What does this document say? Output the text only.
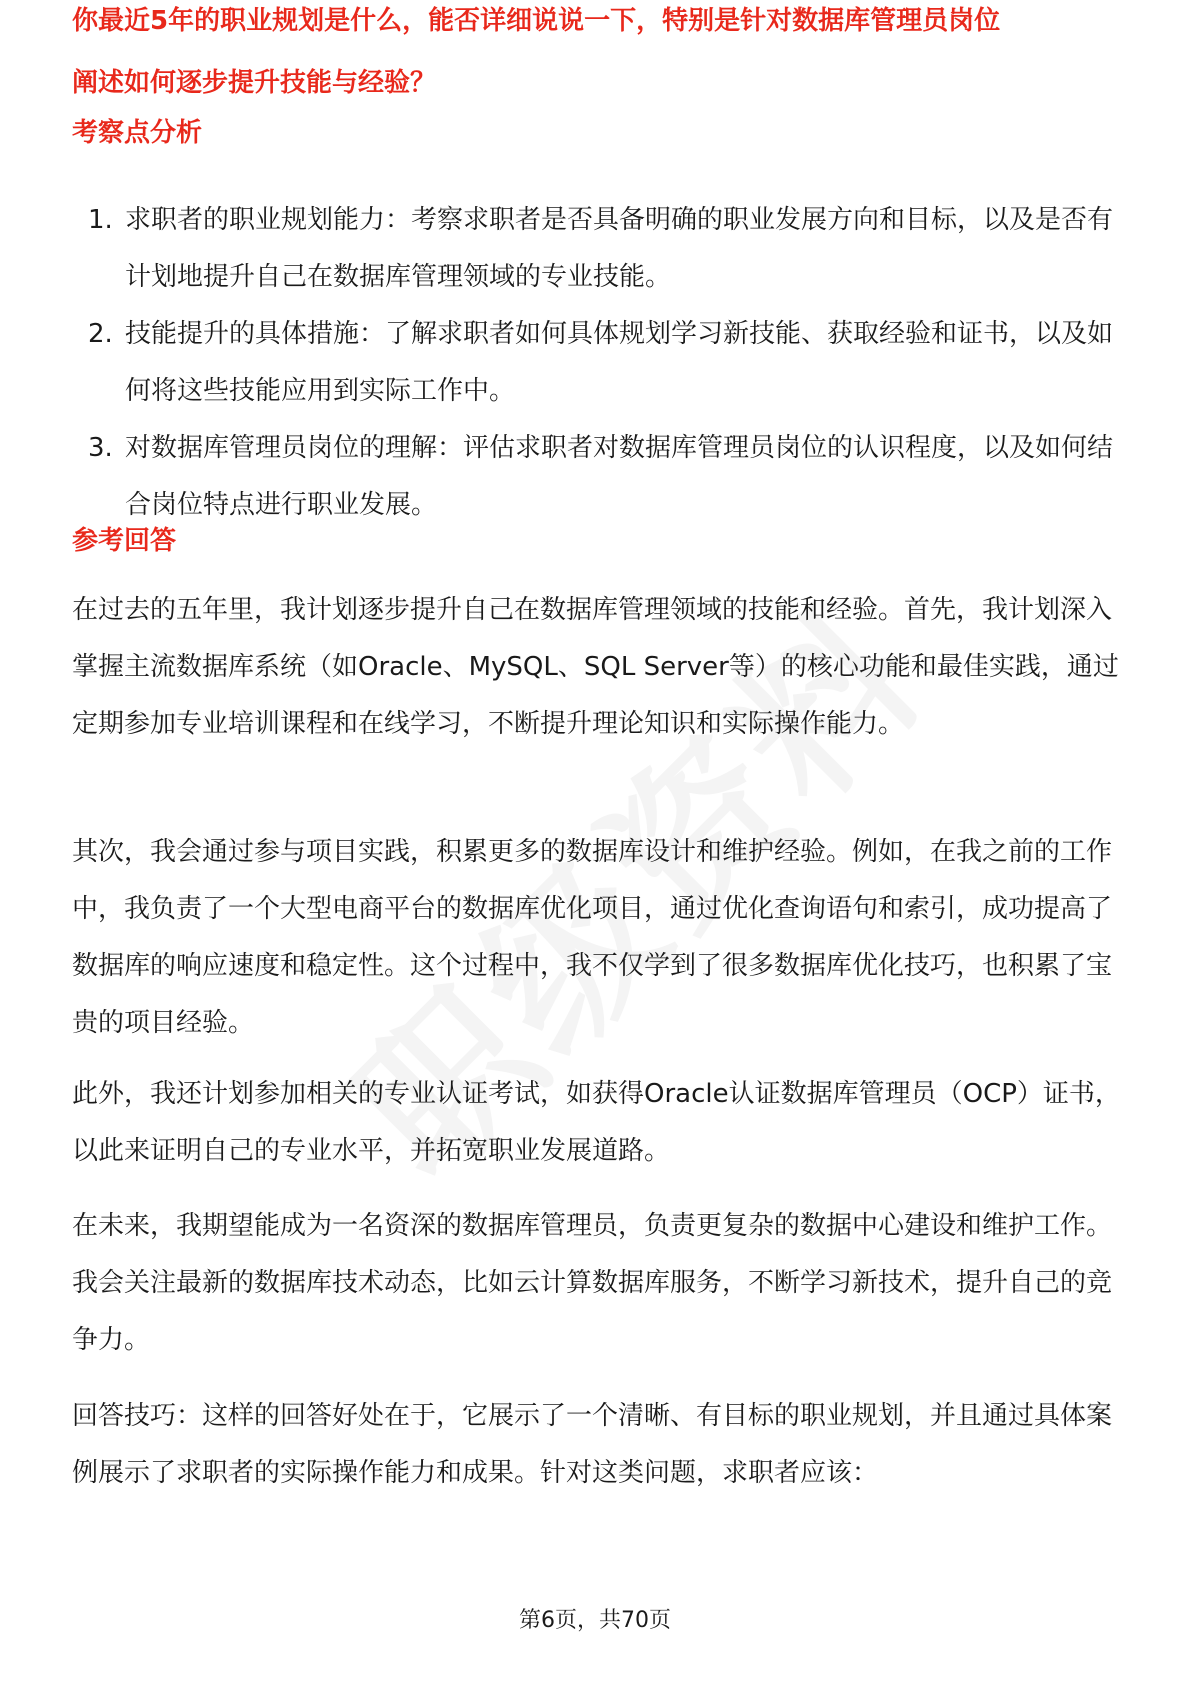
你最近5年的职业规划是什么，能否详细说说一下，特别是针对数据库管理员岗位
阐述如何逐步提升技能与经验？
考察点分析
1. 求职者的职业规划能力：考察求职者是否具备明确的职业发展方向和目标，以及是否有计划地提升自己在数据库管理领域的专业技能。
2. 技能提升的具体措施：了解求职者如何具体规划学习新技能、获取经验和证书，以及如何将这些技能应用到实际工作中。
3. 对数据库管理员岗位的理解：评估求职者对数据库管理员岗位的认识程度，以及如何结合岗位特点进行职业发展。
参考回答

在过去的五年里，我计划逐步提升自己在数据库管理领域的技能和经验。首先，我计划深入掌握主流数据库系统（如Oracle、MySQL、SQL Server等）的核心功能和最佳实践，通过定期参加专业培训课程和在线学习，不断提升理论知识和实际操作能力。

其次，我会通过参与项目实践，积累更多的数据库设计和维护经验。例如，在我之前的工作中，我负责了一个大型电商平台的数据库优化项目，通过优化查询语句和索引，成功提高了数据库的响应速度和稳定性。这个过程中，我不仅学到了很多数据库优化技巧，也积累了宝贵的项目经验。

此外，我还计划参加相关的专业认证考试，如获得Oracle认证数据库管理员（OCP）证书，以此来证明自己的专业水平，并拓宽职业发展道路。

在未来，我期望能成为一名资深的数据库管理员，负责更复杂的数据中心建设和维护工作。我会关注最新的数据库技术动态，比如云计算数据库服务，不断学习新技术，提升自己的竞争力。

回答技巧：这样的回答好处在于，它展示了一个清晰、有目标的职业规划，并且通过具体案例展示了求职者的实际操作能力和成果。针对这类问题，求职者应该：

第6页，共70页
